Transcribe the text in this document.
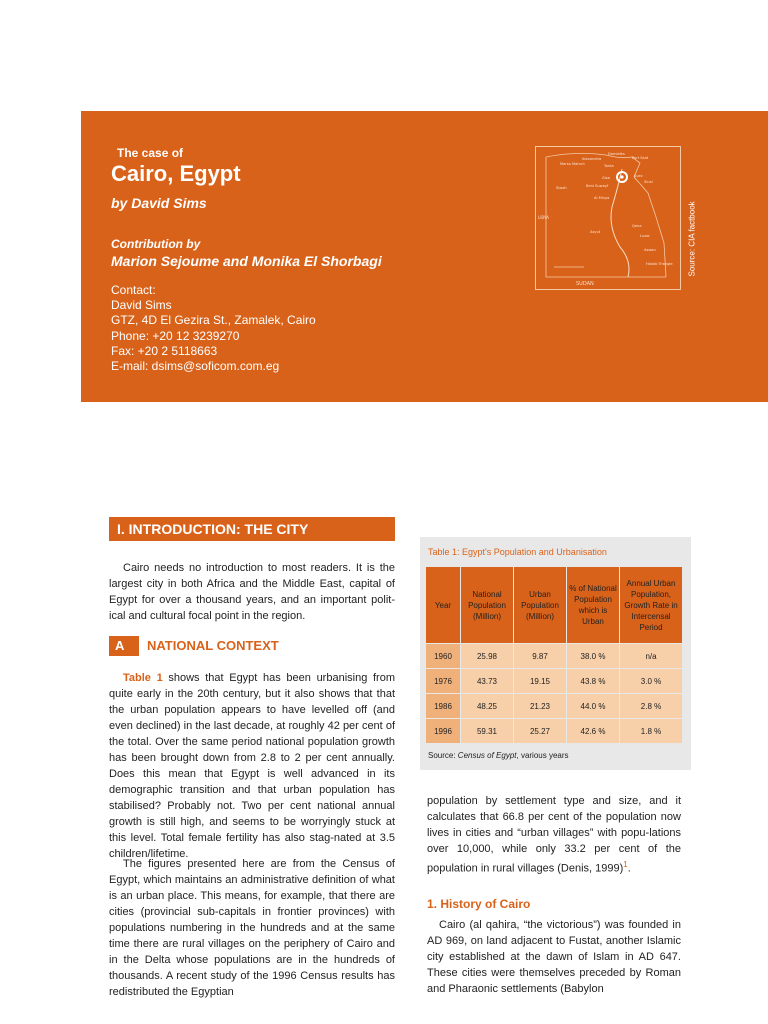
The case of
Cairo, Egypt
by David Sims
Contribution by
Marion Sejoume and Monika El Shorbagi
Contact:
David Sims
GTZ, 4D El Gezira St., Zamalek, Cairo
Phone: +20 12 3239270
Fax: +20 2 5118663
E-mail: dsims@soficom.com.eg
SUDAN
LIBYA
Alexandria
Damietta
Port Said
Tanta
Marsa Matruh
Giza	Suez
Siwah	Beni Suwayf
Sinai
Al Minya
Asyut
Qena
Luxor
Aswan
Halaib Triangle Source: CIA factbook
I. INTRODUCTION: THE CITY
Cairo needs no introduction to most readers. It is the largest city in both Africa and the Middle East, capital of Egypt for over a thousand years, and an important polit-ical and cultural focal point in the region.
A NATIONAL CONTEXT
Table 1 shows that Egypt has been urbanising from quite early in the 20th century, but it also shows that that the urban population appears to have levelled off (and even declined) in the last decade, at roughly 42 per cent of the total. Over the same period national population growth has been brought down from 2.8 to 2 per cent annually. Does this mean that Egypt is well advanced in its demographic transition and that urban population has stabilised? Probably not. Two per cent national annual growth is still high, and seems to be worryingly stuck at this level. Total female fertility has also stag-nated at 3.5 children/lifetime.
The figures presented here are from the Census of Egypt, which maintains an administrative definition of what is an urban place. This means, for example, that there are cities (provincial sub-capitals in frontier provinces) with populations numbering in the hundreds and at the same time there are rural villages on the periphery of Cairo and in the Delta whose populations are in the hundreds of thousands. A recent study of the 1996 Census results has redistributed the Egyptian
Table 1: Egypt's Population and Urbanisation
Year	National Population (Million)	Urban Population (Million)	% of National Population which is Urban	Annual Urban Population, Growth Rate in Intercensal Period
1960	25.98	9.87	38.0 %	n/a
1976	43.73	19.15	43.8 %	3.0 %
1986	48.25	21.23	44.0 %	2.8 %
1996	59.31	25.27	42.6 %	1.8 %
Source: Census of Egypt, various years
population by settlement type and size, and it calculates that 66.8 per cent of the population now lives in cities and “urban villages” with popu-lations over 10,000, while only 33.2 per cent of the population in rural villages (Denis, 1999)$^1$.
1. History of Cairo
Cairo (al qahira, “the victorious”) was founded in AD 969, on land adjacent to Fustat, another Islamic city established at the dawn of Islam in AD 647. These cities were themselves preceded by Roman and Pharaonic settlements (Babylon
